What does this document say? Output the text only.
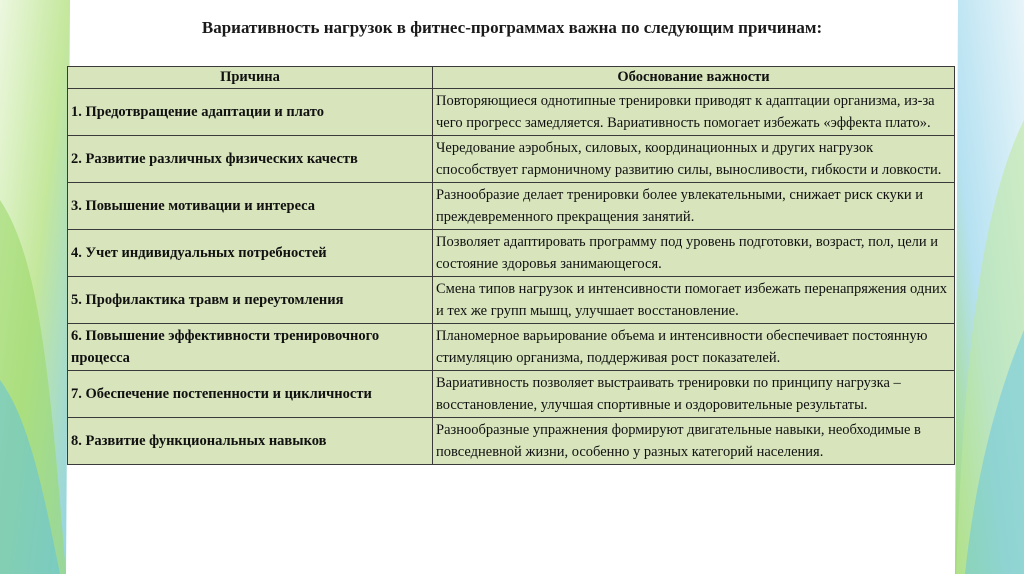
Вариативность нагрузок в фитнес-программах важна по следующим причинам:
Причина	Обоснование важности
1. Предотвращение адаптации и плато	Повторяющиеся однотипные тренировки приводят к адаптации организма, из-за чего прогресс замедляется. Вариативность помогает избежать «эффекта плато».
2. Развитие различных физических качеств	Чередование аэробных, силовых, координационных и других нагрузок способствует гармоничному развитию силы, выносливости, гибкости и ловкости.
3. Повышение мотивации и интереса	Разнообразие делает тренировки более увлекательными, снижает риск скуки и преждевременного прекращения занятий.
4. Учет индивидуальных потребностей	Позволяет адаптировать программу под уровень подготовки, возраст, пол, цели и состояние здоровья занимающегося.
5. Профилактика травм и переутомления	Смена типов нагрузок и интенсивности помогает избежать перенапряжения одних и тех же групп мышц, улучшает восстановление.
6. Повышение эффективности тренировочного процесса	Планомерное варьирование объема и интенсивности обеспечивает постоянную стимуляцию организма, поддерживая рост показателей.
7. Обеспечение постепенности и цикличности	Вариативность позволяет выстраивать тренировки по принципу нагрузка – восстановление, улучшая спортивные и оздоровительные результаты.
8. Развитие функциональных навыков	Разнообразные упражнения формируют двигательные навыки, необходимые в повседневной жизни, особенно у разных категорий населения.
